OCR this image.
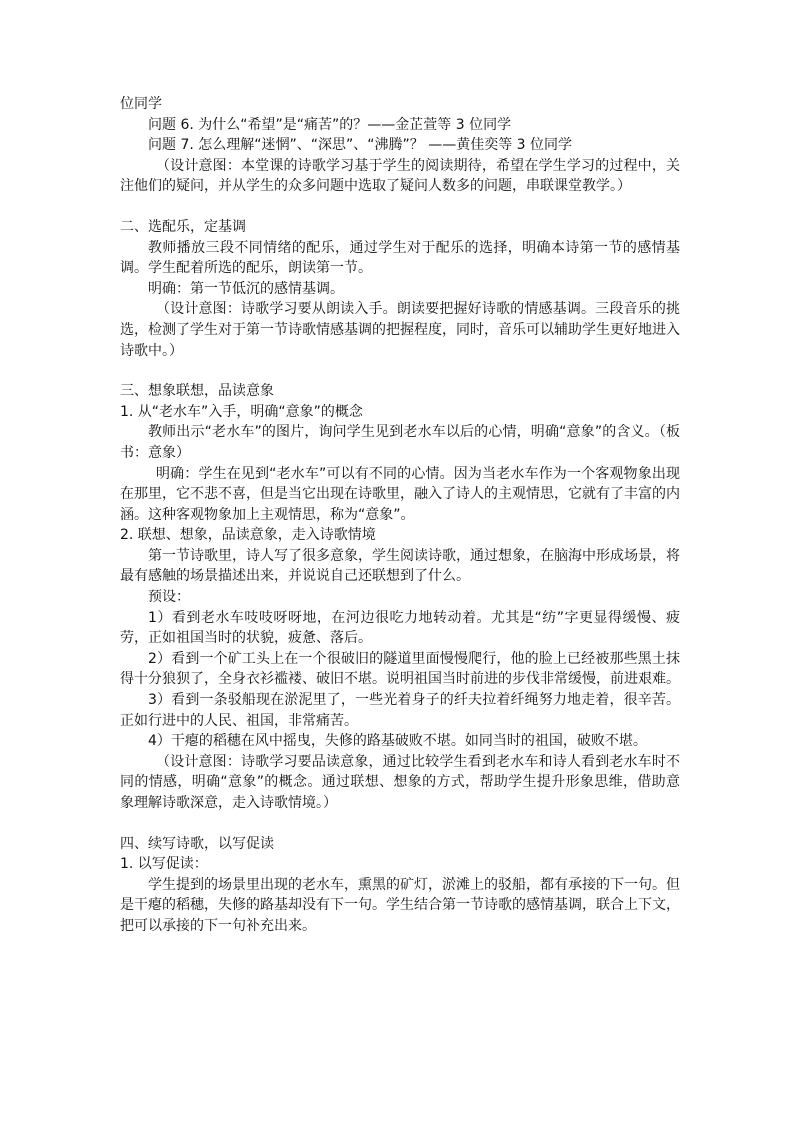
位同学

问题 6. 为什么“希望”是“痛苦”的？——金芷萱等 3 位同学

问题 7. 怎么理解“迷惘”、“深思”、“沸腾”？ ——黄佳奕等 3 位同学

（设计意图：本堂课的诗歌学习基于学生的阅读期待，希望在学生学习的过程中，关注他们的疑问，并从学生的众多问题中选取了疑问人数多的问题，串联课堂教学。）

二、选配乐，定基调

教师播放三段不同情绪的配乐，通过学生对于配乐的选择，明确本诗第一节的感情基调。学生配着所选的配乐，朗读第一节。

明确：第一节低沉的感情基调。

（设计意图：诗歌学习要从朗读入手。朗读要把握好诗歌的情感基调。三段音乐的挑选，检测了学生对于第一节诗歌情感基调的把握程度，同时，音乐可以辅助学生更好地进入诗歌中。）

三、想象联想，品读意象

1. 从“老水车”入手，明确“意象”的概念

教师出示“老水车”的图片，询问学生见到老水车以后的心情，明确“意象”的含义。（板书：意象）

明确：学生在见到“老水车”可以有不同的心情。因为当老水车作为一个客观物象出现在那里，它不悲不喜，但是当它出现在诗歌里，融入了诗人的主观情思，它就有了丰富的内涵。这种客观物象加上主观情思，称为“意象”。

2. 联想、想象，品读意象，走入诗歌情境

第一节诗歌里，诗人写了很多意象，学生阅读诗歌，通过想象，在脑海中形成场景，将最有感触的场景描述出来，并说说自己还联想到了什么。

预设：

1）看到老水车吱吱呀呀地，在河边很吃力地转动着。尤其是“纺”字更显得缓慢、疲劳，正如祖国当时的状貌，疲惫、落后。

2）看到一个矿工头上在一个很破旧的隧道里面慢慢爬行，他的脸上已经被那些黑土抹得十分狼狈了，全身衣衫褴褛、破旧不堪。说明祖国当时前进的步伐非常缓慢，前进艰难。

3）看到一条驳船现在淤泥里了，一些光着身子的纤夫拉着纤绳努力地走着，很辛苦。正如行进中的人民、祖国，非常痛苦。

4）干瘪的稻穗在风中摇曳，失修的路基破败不堪。如同当时的祖国，破败不堪。

（设计意图：诗歌学习要品读意象，通过比较学生看到老水车和诗人看到老水车时不同的情感，明确“意象”的概念。通过联想、想象的方式，帮助学生提升形象思维，借助意象理解诗歌深意，走入诗歌情境。）

四、续写诗歌，以写促读

1. 以写促读：

学生提到的场景里出现的老水车，熏黑的矿灯，淤滩上的驳船，都有承接的下一句。但是干瘪的稻穗，失修的路基却没有下一句。学生结合第一节诗歌的感情基调，联合上下文，把可以承接的下一句补充出来。
